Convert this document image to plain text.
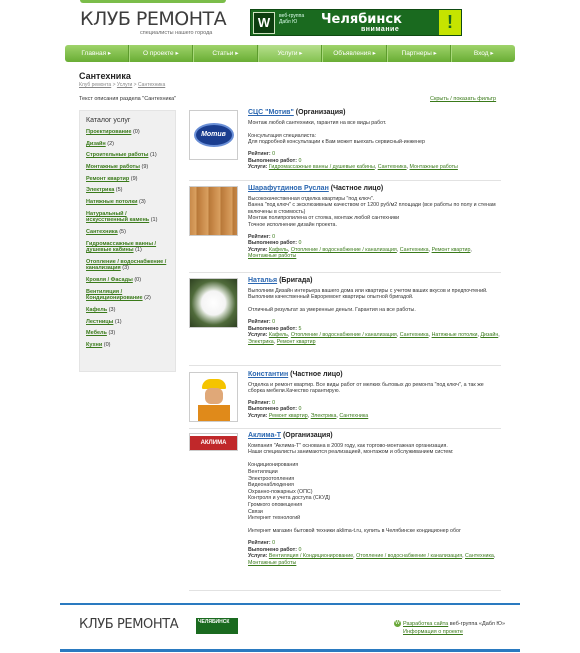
КЛУБ РЕМОНТА
специалисты нашего города
W	веб-группа
Дабл Ю	Челябинск
внимание	!
Главная ▸	О проекте ▸	Статьи ▸	Услуги ▸	Объявления ▸	Партнеры ▸	Вход ▸
Сантехника
Клуб ремонта > Услуги > Сантехника
Текст описания раздела "Сантехника"	Скрыть / показать фильтр
Каталог услуг
Проектирование (0)
Дизайн (2)
Строительные работы (1)
Монтажные работы (9)
Ремонт квартир (9)
Электрика (5)
Натяжные потолки (3)
Натуральный / искусственный камень (1)
Сантехника (5)
Гидромассажные ванны / душевые кабины (1)
Отопление / водоснабжение / канализация (3)
Кровля / Фасады (0)
Вентиляция / Кондиционирование (2)
Кафель (3)
Лестницы (1)
Мебель (3)
Кухни (0)
Мотив
СЦС "Мотив" (Организация)
Монтаж любой сантехники, гарантия на все виды работ.

Консультация специалиста:
Для подробной консультации к Вам может выехать сервисный-инженер
Рейтинг: 0
Выполнено работ: 0
Услуги: Гидромассажные ванны / душевые кабины, Сантехника, Монтажные работы
Шарафутдинов Руслан (Частное лицо)
Высококачественная отделка квартиры "под ключ".
Ванна "под ключ" с эксклюзивным качеством от 1200 руб/м2 площади (все работы по полу и стенам включены в стоимость)
Монтаж полипропилена от стояка, монтаж любой сантехники
Точное исполнение дизайн проекта.
Рейтинг: 0
Выполнено работ: 0
Услуги: Кафель, Отопление / водоснабжение / канализация, Сантехника, Ремонт квартир, Монтажные работы
Наталья (Бригада)
Выполним Дизайн интерьера вашего дома или квартиры с учетом ваших вкусов и предпочтений.
Выполним качественный Евроремонт квартиры опытной бригадой.

Отличный результат за умеренные деньги. Гарантия на все работы.
Рейтинг: 0
Выполнено работ: 5
Услуги: Кафель, Отопление / водоснабжение / канализация, Сантехника, Натяжные потолки, Дизайн, Электрика, Ремонт квартир
Константин (Частное лицо)
Отделка и ремонт квартир. Все виды работ от мелких бытовых до ремонта "под ключ", а так же сборка мебели.Качество гарантирую.
Рейтинг: 0
Выполнено работ: 0
Услуги: Ремонт квартир, Электрика, Сантехника
АКЛИМА
Аклима-Т (Организация)
Компания "Аклима-Т" основана в 2009 году, как торгово-монтажная организация.
Наши специалисты занимаются реализацией, монтажом и обслуживанием систем:

Кондиционирования
Вентиляции
Электроотопления
Видеонаблюдения
Охранно-пожарных (ОПС)
Контроля и учета доступа (СКУД)
Громкого оповещения
Связи
Интернет технологий

Интернет магазин бытовой техники aklima-t.ru, купить в Челябинске кондиционер обог
Рейтинг: 0
Выполнено работ: 0
Услуги: Вентиляция / Кондиционирование, Отопление / водоснабжение / канализация, Сантехника, Монтажные работы
КЛУБ РЕМОНТА	ЧЕЛЯБИНСК	W Разработка сайта веб-группа «Дабл Ю»
Информация о проекте
